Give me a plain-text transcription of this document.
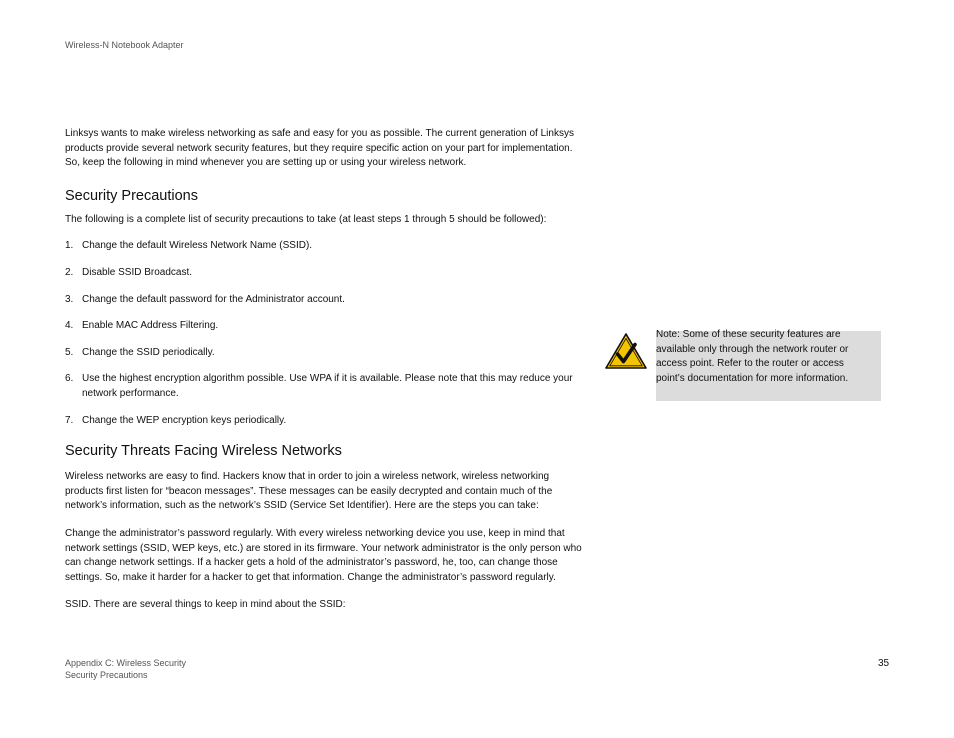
Wireless-N Notebook Adapter

Linksys wants to make wireless networking as safe and easy for you as possible. The current generation of Linksys products provide several network security features, but they require specific action on your part for implementation. So, keep the following in mind whenever you are setting up or using your wireless network.

Security Precautions

The following is a complete list of security precautions to take (at least steps 1 through 5 should be followed):

1. Change the default Wireless Network Name (SSID).
2. Disable SSID Broadcast.
3. Change the default password for the Administrator account.
4. Enable MAC Address Filtering.
5. Change the SSID periodically.
6. Use the highest encryption algorithm possible. Use WPA if it is available. Please note that this may reduce your network performance.
7. Change the WEP encryption keys periodically.
Security Threats Facing Wireless Networks

Wireless networks are easy to find. Hackers know that in order to join a wireless network, wireless networking products first listen for “beacon messages”. These messages can be easily decrypted and contain much of the network’s information, such as the network’s SSID (Service Set Identifier). Here are the steps you can take:

Change the administrator’s password regularly. With every wireless networking device you use, keep in mind that network settings (SSID, WEP keys, etc.) are stored in its firmware. Your network administrator is the only person who can change network settings. If a hacker gets a hold of the administrator’s password, he, too, can change those settings. So, make it harder for a hacker to get that information. Change the administrator’s password regularly.

SSID. There are several things to keep in mind about the SSID:

Note: Some of these security features are available only through the network router or access point. Refer to the router or access point’s documentation for more information.
Appendix C: Wireless Security
Security Precautions
35
